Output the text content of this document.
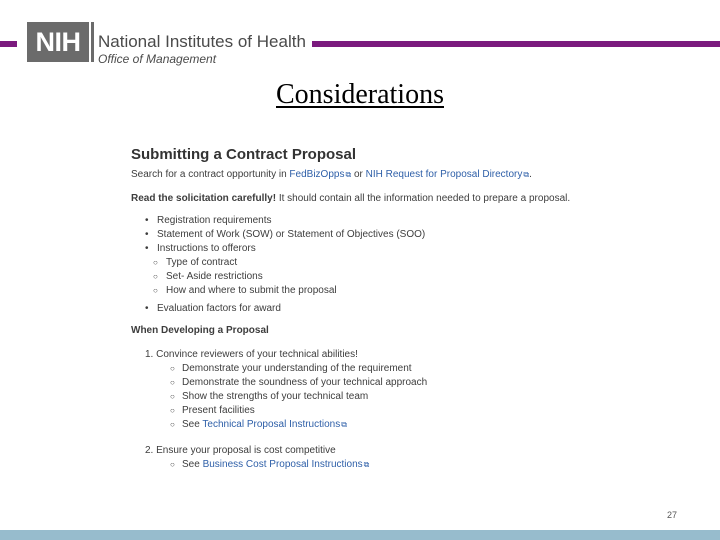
NIH	National Institutes of Health
Office of Management
Considerations

Submitting a Contract Proposal

Search for a contract opportunity in FedBizOpps⧉ or NIH Request for Proposal Directory⧉.

Read the solicitation carefully! It should contain all the information needed to prepare a proposal.

• Registration requirements
• Statement of Work (SOW) or Statement of Objectives (SOO)
• Instructions to offerors
○ Type of contract
○ Set- Aside restrictions
○ How and where to submit the proposal
• Evaluation factors for award

When Developing a Proposal

1. Convince reviewers of your technical abilities!
○ Demonstrate your understanding of the requirement
○ Demonstrate the soundness of your technical approach
○ Show the strengths of your technical team
○ Present facilities
○ See Technical Proposal Instructions⧉
2. Ensure your proposal is cost competitive
○ See Business Cost Proposal Instructions⧉
27
